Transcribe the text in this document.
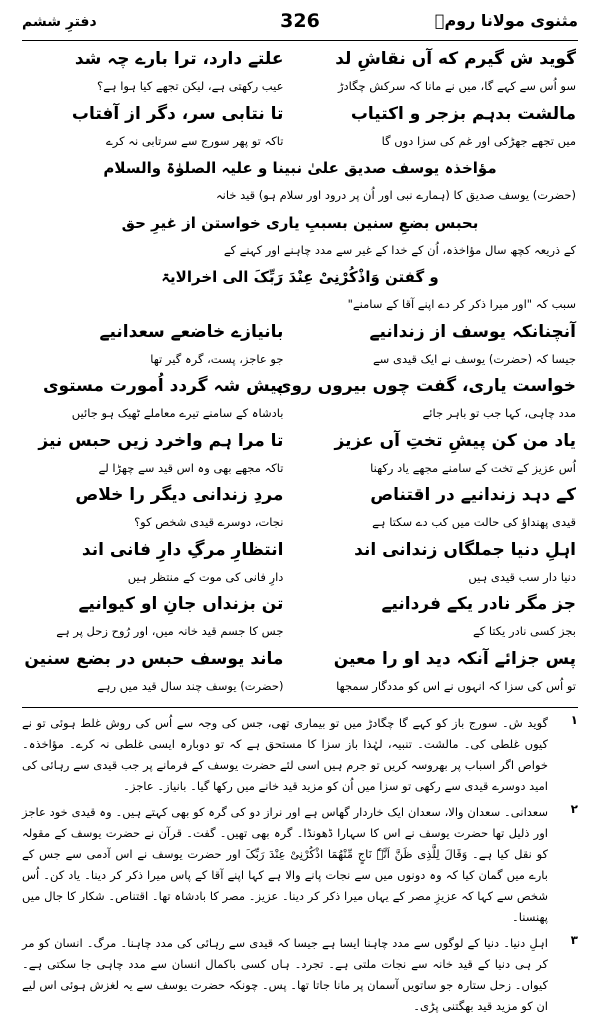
مثنوی مولانا رومؒ
326
دفترِ ششم
گوید ش گیرم که آں نقاشِ لد
علتے دارد، ترا بارے چہ شد
سو اُس سے کہے گا، میں نے مانا کہ سرکش چگادڑ
عیب رکھتی ہے، لیکن تجھے کیا ہوا ہے؟
مالشت بدہم بزجر و اکتیاب
تا نتابی سر، دگر از آفتاب
میں تجھے جھڑکی اور غم کی سزا دوں گا
تاکہ تو پھر سورج سے سرتابی نہ کرے
مؤاخذہ یوسف صدیق علیٰ نبینا و علیہ الصلوٰۃ والسلام
(حضرت) یوسف صدیق کا (ہمارے نبی اور اُن پر درود اور سلام ہو) قید خانہ
بحبس بضعِ سنین بسببِ یاری خواستن از غیرِ حق
کے ذریعہ کچھ سال مؤاخذہ، اُن کے خدا کے غیر سے مدد چاہنے اور کہنے کے
و گفتن وَاذْکُرْنِیْ عِنْدَ رَبِّکَ الی اخرالایۃ
سبب کہ "اور میرا ذکر کر دے اپنے آقا کے سامنے"
آنچنانکہ یوسف از زندانیے
بانیازے خاضعے سعدانیے
جیسا کہ (حضرت) یوسف نے ایک قیدی سے
جو عاجز، پست، گرہ گیر تھا
خواست یاری، گفت چوں بیروں روی
پیش شہ گردد اُمورت مستوی
مدد چاہی، کہا جب تو باہر جائے
بادشاہ کے سامنے تیرے معاملے ٹھیک ہو جائیں
یاد من کن پیشِ تختِ آں عزیز
تا مرا ہم واخرد زیں حبس نیز
اُس عزیز کے تخت کے سامنے مجھے یاد رکھنا
تاکہ مجھے بھی وہ اس قید سے چھڑا لے
کے دہد زندانیے در اقتناص
مردِ زندانی دیگر را خلاص
قیدی پھنداؤ کی حالت میں کب دے سکتا ہے
نجات، دوسرے قیدی شخص کو؟
اہلِ دنیا جملگاں زندانی اند
انتظارِ مرگِ دارِ فانی اند
دنیا دار سب قیدی ہیں
دارِ فانی کی موت کے منتظر ہیں
جز مگر نادر یکے فردانیے
تن بزنداں جانِ او کیوانیے
بجز کسی نادر یکتا کے
جس کا جسم قید خانہ میں، اور رُوح زحل پر ہے
پس جزائے آنکہ دید او را معین
ماند یوسف حبس در بضع سنین
تو اُس کی سزا کہ انہوں نے اس کو مددگار سمجھا
(حضرت) یوسف چند سال قید میں رہے
۱
گوید ش۔ سورج باز کو کہے گا چگادڑ میں تو بیماری تھی، جس کی وجہ سے اُس کی روش غلط ہوئی تو نے کیوں غلطی کی۔ مالشت۔ تنبیہ، لہٰذا باز سزا کا مستحق ہے کہ تو دوبارہ ایسی غلطی نہ کرے۔ مؤاخذہ۔ خواص اگر اسباب پر بھروسہ کریں تو جرم ہیں اسی لئے حضرت یوسف کے فرمانے پر جب قیدی سے رہائی کی امید دوسرے قیدی سے رکھی تو سزا میں اُن کو مزید قید خانے میں رکھا گیا۔ بانیاز۔ عاجز۔
۲
سعدانی۔ سعدان والا، سعدان ایک خاردار گھاس ہے اور نراز دو کی گرہ کو بھی کہتے ہیں۔ وہ قیدی خود عاجز اور ذلیل تھا حضرت یوسف نے اس کا سہارا ڈھونڈا۔ گرہ بھی تھیں۔ گفت۔ قرآن نے حضرت یوسف کے مقولہ کو نقل کیا ہے۔ وَقَالَ لِلَّذِی ظَنَّ اَنَّہٗ نَاجٍ مِّنْھُمَا اذْکُرْنِیْ عِنْدَ رَبِّکَ اور حضرت یوسف نے اس آدمی سے جس کے بارے میں گمان کیا کہ وہ دونوں میں سے نجات پانے والا ہے کہا اپنے آقا کے پاس میرا ذکر کر دینا۔ یاد کن۔ اُس شخص سے کہا کہ عزیزِ مصر کے یہاں میرا ذکر کر دینا۔ عزیز۔ مصر کا بادشاہ تھا۔ اقتناص۔ شکار کا جال میں پھنسنا۔
۳
اہلِ دنیا۔ دنیا کے لوگوں سے مدد چاہنا ایسا ہے جیسا کہ قیدی سے رہائی کی مدد چاہنا۔ مرگ۔ انسان کو مر کر ہی دنیا کے قید خانہ سے نجات ملتی ہے۔ تجرد۔ ہاں کسی باکمال انسان سے مدد چاہی جا سکتی ہے۔ کیواں۔ زحل ستارہ جو ساتویں آسمان پر مانا جاتا تھا۔ پس۔ چونکہ حضرت یوسف سے یہ لغزش ہوئی اس لیے ان کو مزید قید بھگتنی پڑی۔
